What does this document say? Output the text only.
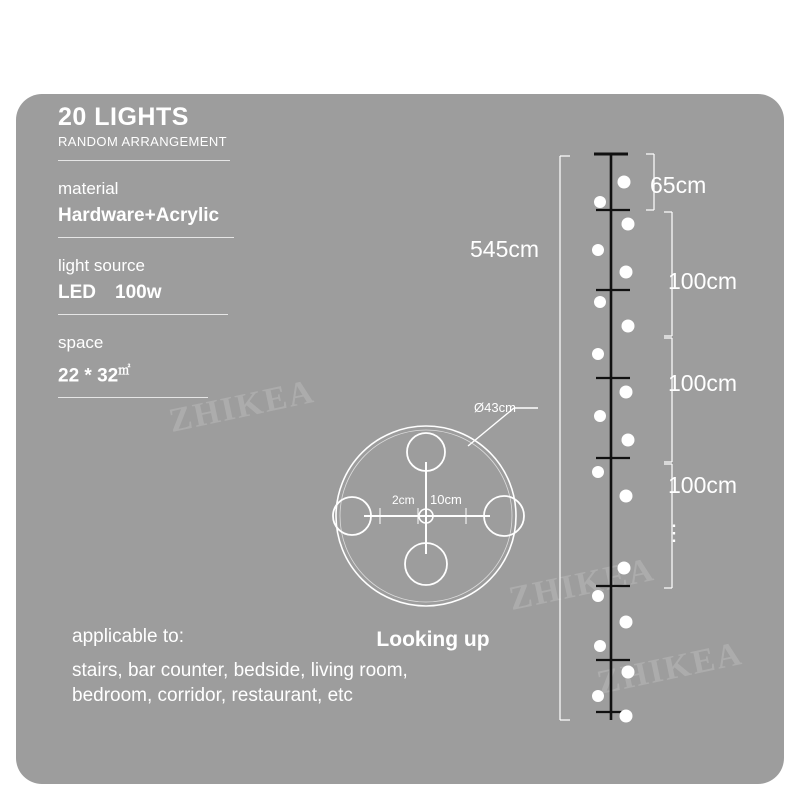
20 LIGHTS
RANDOM ARRANGEMENT
material
Hardware+Acrylic
light source
LED 100w
space
22 * 32㎡
applicable to:
stairs, bar counter, bedside, living room, bedroom, corridor, restaurant, etc
2cm 10cm
Ø43cm
Looking up
545cm
65cm
100cm
100cm
100cm
⋮
